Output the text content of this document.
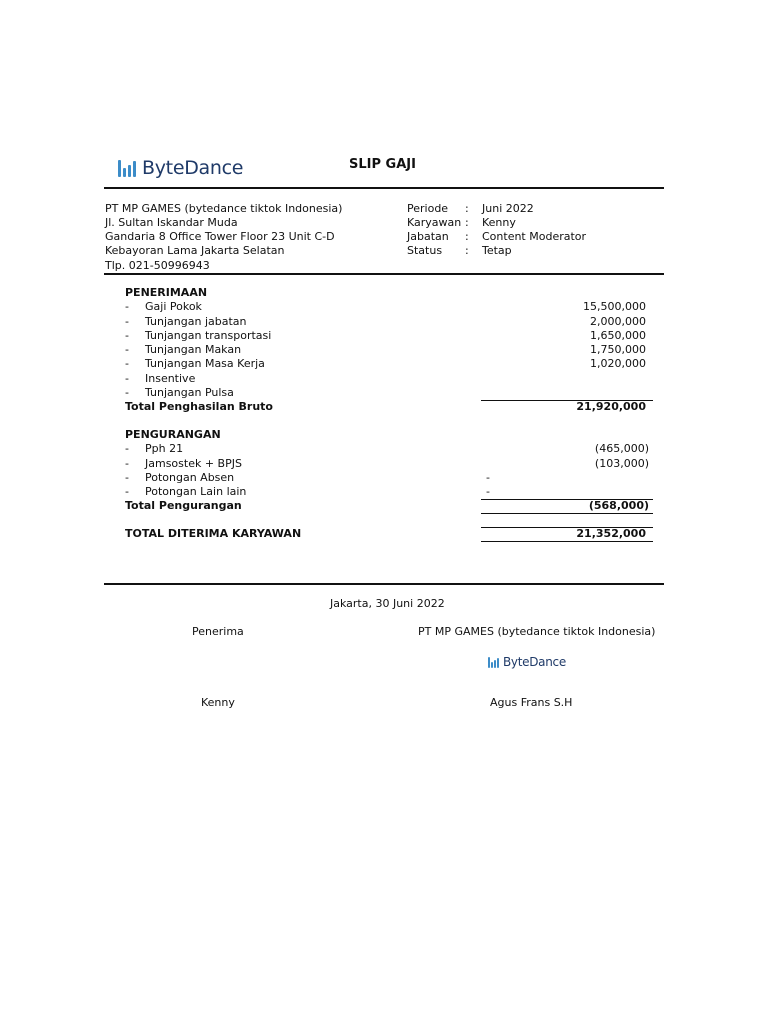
ByteDance	SLIP GAJI
PT MP GAMES (bytedance tiktok Indonesia)
Jl. Sultan Iskandar Muda
Gandaria 8 Office Tower Floor 23 Unit C-D
Kebayoran Lama Jakarta Selatan
Tlp. 021-50996943
Periode : Juni 2022
Karyawan : Kenny
Jabatan : Content Moderator
Status : Tetap
PENERIMAAN
- Gaji Pokok	15,500,000
- Tunjangan jabatan	2,000,000
- Tunjangan transportasi	1,650,000
- Tunjangan Makan	1,750,000
- Tunjangan Masa Kerja	1,020,000
- Insentive
- Tunjangan Pulsa
Total Penghasilan Bruto	21,920,000
PENGURANGAN
- Pph 21	(465,000)
- Jamsostek + BPJS	(103,000)
- Potongan Absen	-
- Potongan Lain lain	-
Total Pengurangan	(568,000)
TOTAL DITERIMA KARYAWAN	21,352,000
Jakarta, 30 Juni 2022
Penerima	PT MP GAMES (bytedance tiktok Indonesia)
ByteDance
Kenny	Agus Frans S.H
